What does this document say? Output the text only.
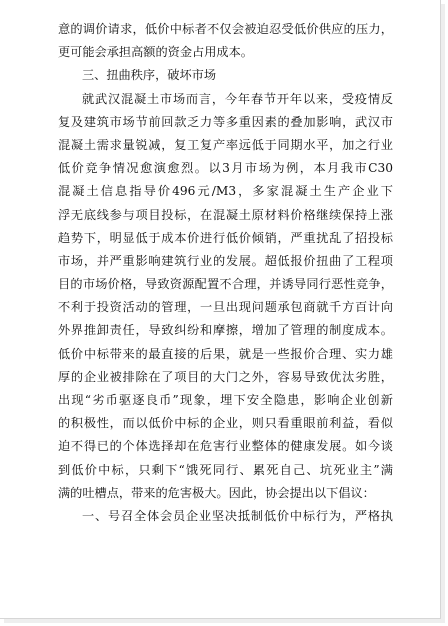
意的调价请求，低价中标者不仅会被迫忍受低价供应的压力，
更可能会承担高额的资金占用成本。
三、扭曲秩序，破坏市场
就武汉混凝土市场而言，今年春节开年以来，受疫情反
复及建筑市场节前回款乏力等多重因素的叠加影响，武汉市
混凝土需求量锐减，复工复产率远低于同期水平，加之行业
低价竞争情况愈演愈烈。以3月市场为例，本月我市C30
混凝土信息指导价496元/M3，多家混凝土生产企业下
浮无底线参与项目投标，在混凝土原材料价格继续保持上涨
趋势下，明显低于成本价进行低价倾销，严重扰乱了招投标
市场，并严重影响建筑行业的发展。超低报价扭曲了工程项
目的市场价格，导致资源配置不合理，并诱导同行恶性竞争，
不利于投资活动的管理，一旦出现问题承包商就千方百计向
外界推卸责任，导致纠纷和摩擦，增加了管理的制度成本。
低价中标带来的最直接的后果，就是一些报价合理、实力雄
厚的企业被排除在了项目的大门之外，容易导致优汰劣胜，
出现“劣币驱逐良币”现象，埋下安全隐患，影响企业创新
的积极性，而以低价中标的企业，则只看重眼前利益，看似
迫不得已的个体选择却在危害行业整体的健康发展。如今谈
到低价中标，只剩下“饿死同行、累死自己、坑死业主”满
满的吐槽点，带来的危害极大。因此，协会提出以下倡议：
一、号召全体会员企业坚决抵制低价中标行为，严格执
